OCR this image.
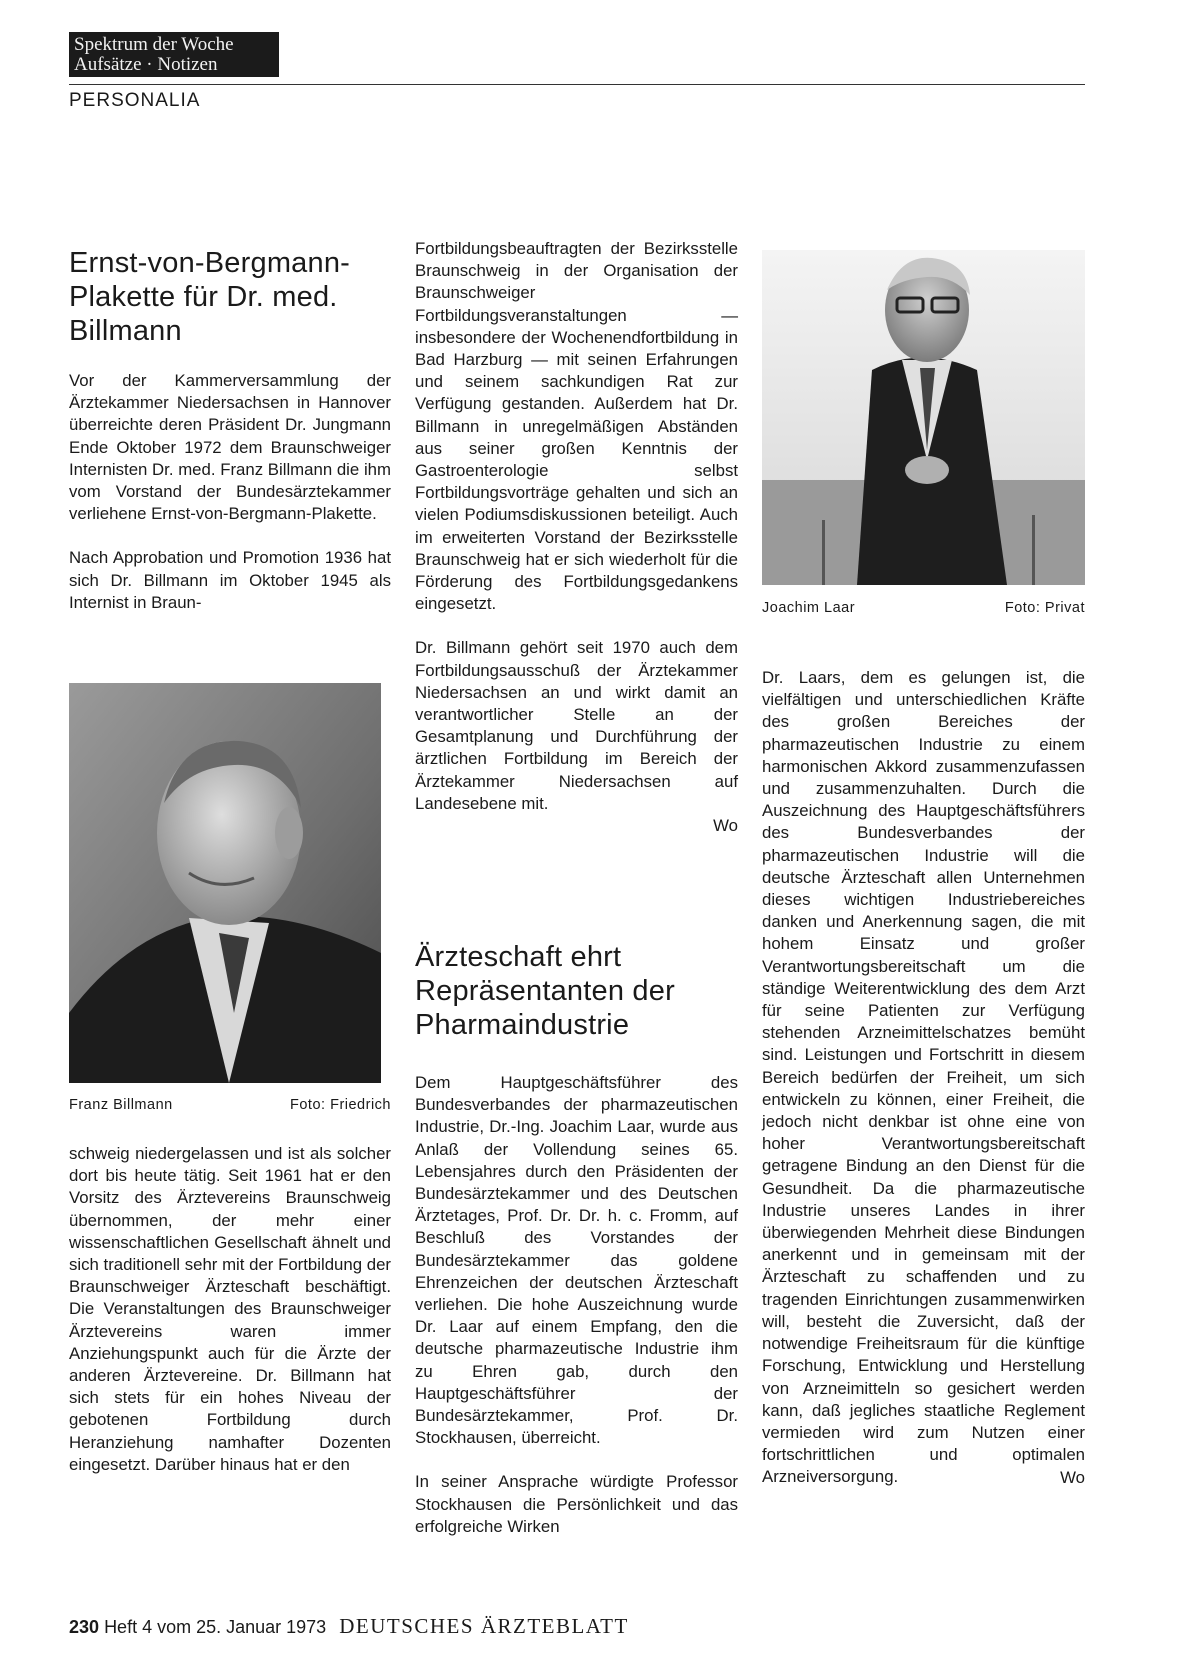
Spektrum der Woche
Aufsätze · Notizen
PERSONALIA
Ernst-von-Bergmann-Plakette für Dr. med. Billmann

Vor der Kammerversammlung der Ärztekammer Niedersachsen in Hannover überreichte deren Präsident Dr. Jungmann Ende Oktober 1972 dem Braunschweiger Internisten Dr. med. Franz Billmann die ihm vom Vorstand der Bundesärztekammer verliehene Ernst-von-Bergmann-Plakette.

Nach Approbation und Promotion 1936 hat sich Dr. Billmann im Oktober 1945 als Internist in Braun-

Franz Billmann	Foto: Friedrich

schweig niedergelassen und ist als solcher dort bis heute tätig. Seit 1961 hat er den Vorsitz des Ärztevereins Braunschweig übernommen, der mehr einer wissenschaftlichen Gesellschaft ähnelt und sich traditionell sehr mit der Fortbildung der Braunschweiger Ärzteschaft beschäftigt. Die Veranstaltungen des Braunschweiger Ärztevereins waren immer Anziehungspunkt auch für die Ärzte der anderen Ärztevereine. Dr. Billmann hat sich stets für ein hohes Niveau der gebotenen Fortbildung durch Heranziehung namhafter Dozenten eingesetzt. Darüber hinaus hat er den

Fortbildungsbeauftragten der Bezirksstelle Braunschweig in der Organisation der Braunschweiger Fortbildungsveranstaltungen — insbesondere der Wochenendfortbildung in Bad Harzburg — mit seinen Erfahrungen und seinem sachkundigen Rat zur Verfügung gestanden. Außerdem hat Dr. Billmann in unregelmäßigen Abständen aus seiner großen Kenntnis der Gastroenterologie selbst Fortbildungsvorträge gehalten und sich an vielen Podiumsdiskussionen beteiligt. Auch im erweiterten Vorstand der Bezirksstelle Braunschweig hat er sich wiederholt für die Förderung des Fortbildungsgedankens eingesetzt.

Dr. Billmann gehört seit 1970 auch dem Fortbildungsausschuß der Ärztekammer Niedersachsen an und wirkt damit an verantwortlicher Stelle an der Gesamtplanung und Durchführung der ärztlichen Fortbildung im Bereich der Ärztekammer Niedersachsen auf Landesebene mit.

Wo
Ärzteschaft ehrt Repräsentanten der Pharmaindustrie

Dem Hauptgeschäftsführer des Bundesverbandes der pharmazeutischen Industrie, Dr.-Ing. Joachim Laar, wurde aus Anlaß der Vollendung seines 65. Lebensjahres durch den Präsidenten der Bundesärztekammer und des Deutschen Ärztetages, Prof. Dr. Dr. h. c. Fromm, auf Beschluß des Vorstandes der Bundesärztekammer das goldene Ehrenzeichen der deutschen Ärzteschaft verliehen. Die hohe Auszeichnung wurde Dr. Laar auf einem Empfang, den die deutsche pharmazeutische Industrie ihm zu Ehren gab, durch den Hauptgeschäftsführer der Bundesärztekammer, Prof. Dr. Stockhausen, überreicht.

In seiner Ansprache würdigte Professor Stockhausen die Persönlichkeit und das erfolgreiche Wirken

Joachim Laar	Foto: Privat

Dr. Laars, dem es gelungen ist, die vielfältigen und unterschiedlichen Kräfte des großen Bereiches der pharmazeutischen Industrie zu einem harmonischen Akkord zusammenzufassen und zusammenzuhalten. Durch die Auszeichnung des Hauptgeschäftsführers des Bundesverbandes der pharmazeutischen Industrie will die deutsche Ärzteschaft allen Unternehmen dieses wichtigen Industriebereiches danken und Anerkennung sagen, die mit hohem Einsatz und großer Verantwortungsbereitschaft um die ständige Weiterentwicklung des dem Arzt für seine Patienten zur Verfügung stehenden Arzneimittelschatzes bemüht sind. Leistungen und Fortschritt in diesem Bereich bedürfen der Freiheit, um sich entwickeln zu können, einer Freiheit, die jedoch nicht denkbar ist ohne eine von hoher Verantwortungsbereitschaft getragene Bindung an den Dienst für die Gesundheit. Da die pharmazeutische Industrie unseres Landes in ihrer überwiegenden Mehrheit diese Bindungen anerkennt und in gemeinsam mit der Ärzteschaft zu schaffenden und zu tragenden Einrichtungen zusammenwirken will, besteht die Zuversicht, daß der notwendige Freiheitsraum für die künftige Forschung, Entwicklung und Herstellung von Arzneimitteln so gesichert werden kann, daß jegliches staatliche Reglement vermieden wird zum Nutzen einer fortschrittlichen und optimalen Arzneiversorgung.	Wo
230 Heft 4 vom 25. Januar 1973 DEUTSCHES ÄRZTEBLATT
